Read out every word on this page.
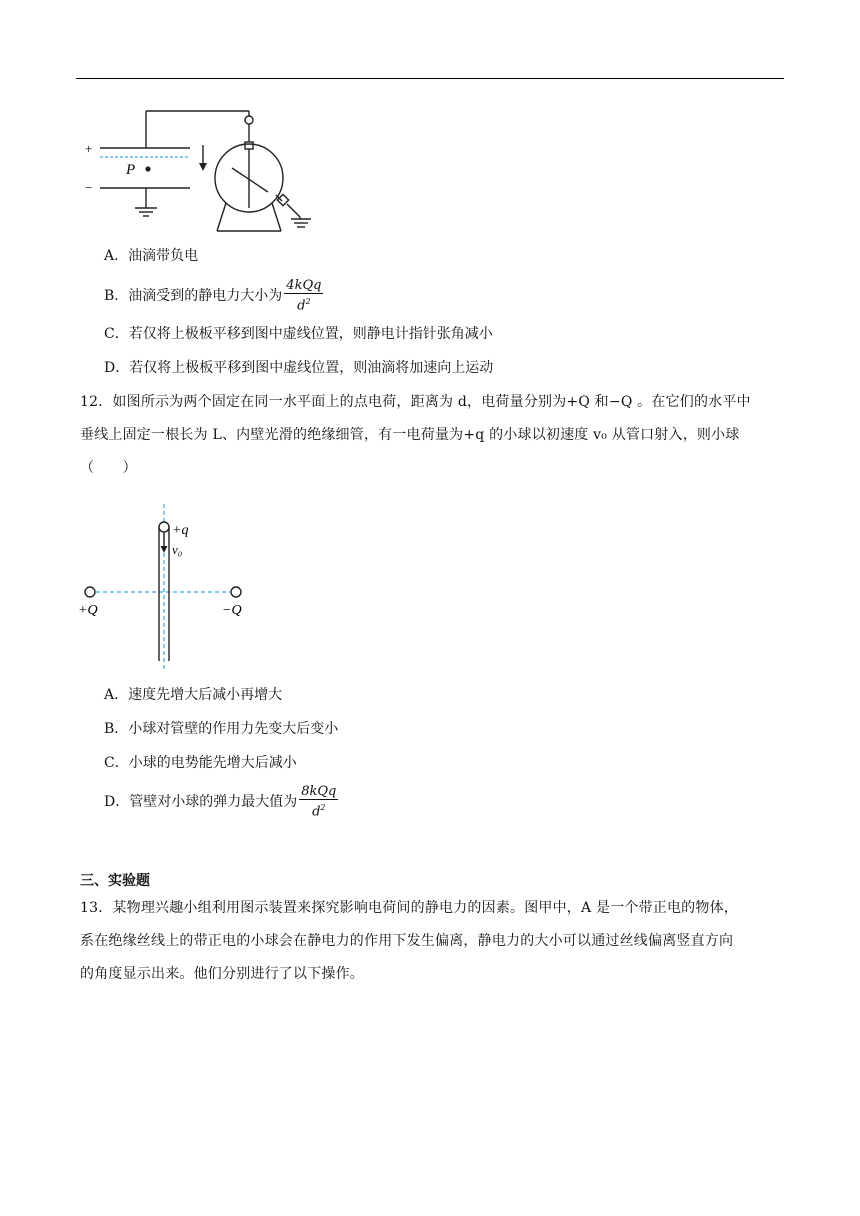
+
−
P
A．油滴带负电
B．油滴受到的静电力大小为 $\frac{\text{4kQq}}{d^2}$
C．若仅将上极板平移到图中虚线位置，则静电计指针张角减小
D．若仅将上极板平移到图中虚线位置，则油滴将加速向上运动
12．如图所示为两个固定在同一水平面上的点电荷，距离为 d，电荷量分别为+Q 和−Q 。在它们的水平中
垂线上固定一根长为 L、内壁光滑的绝缘细管，有一电荷量为+q 的小球以初速度 v₀ 从管口射入，则小球
（　　）
+q
v₀
+Q	−Q
A．速度先增大后减小再增大
B．小球对管壁的作用力先变大后变小
C．小球的电势能先增大后减小
D．管壁对小球的弹力最大值为 $\frac{\text{8kQq}}{d^2}$
三、实验题
13．某物理兴趣小组利用图示装置来探究影响电荷间的静电力的因素。图甲中，A 是一个带正电的物体，
系在绝缘丝线上的带正电的小球会在静电力的作用下发生偏离，静电力的大小可以通过丝线偏离竖直方向
的角度显示出来。他们分别进行了以下操作。
